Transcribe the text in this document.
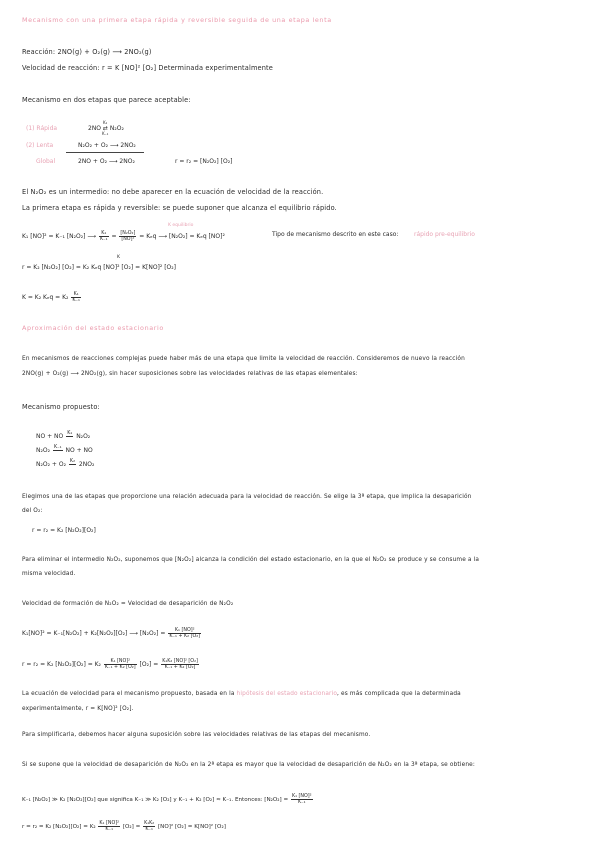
Mecanismo con una primera etapa rápida y reversible seguida de una etapa lenta
Reacción: 2NO(g) + O₂(g) ⟶ 2NO₂(g)
Velocidad de reacción: r = K [NO]² [O₂] Determinada experimentalmente
Mecanismo en dos etapas que parece aceptable:
(1) Rápida	2NO ⇄ N₂O₂
K₁
K₋₁
(2) Lenta	N₂O₂ + O₂ ⟶ 2NO₂
Global	2NO + O₂ ⟶ 2NO₂	r = r₂ = [N₂O₂] [O₂]
El N₂O₂ es un intermedio: no debe aparecer en la ecuación de velocidad de la reacción.
La primera etapa es rápida y reversible: se puede suponer que alcanza el equilibrio rápido.
K equilibrio
K₁ [NO]² = K₋₁ [N₂O₂] ⟶ $\frac{\text{K₁}}{\text{K₋₁}} = \frac{\text{[N₂O₂]}}{\text{[NO]²}} = K_eq$ ⟶ [N₂O₂] = Kₑq [NO]²	Tipo de mecanismo descrito en este caso:	rápido pre-equilibrio
K
r = K₂ [N₂O₂] [O₂] = K₂ Kₑq [NO]² [O₂] = K[NO]² [O₂]
K = K₂ $K_eq = K_2 \frac{\text{K₁}}{\text{K₋₁}}$
Aproximación del estado estacionario
En mecanismos de reacciones complejas puede haber más de una etapa que limite la velocidad de reacción. Consideremos de nuevo la reacción
2NO(g) + O₂(g) ⟶ 2NO₂(g), sin hacer suposiciones sobre las velocidades relativas de las etapas elementales:
Mecanismo propuesto:
NO + NO K₁
N₂O₂
N₂O₂ K₋₁
NO + NO
N₂O₂ + O₂ K₂
2NO₂
Elegimos una de las etapas que proporcione una relación adecuada para la velocidad de reacción. Se elige la 3ª etapa, que implica la desaparición
del O₂:
r = r₂ = K₂ [N₂O₂][O₂]
Para eliminar el intermedio N₂O₂, suponemos que [N₂O₂] alcanza la condición del estado estacionario, en la que el N₂O₂ se produce y se consume a la
misma velocidad.
Velocidad de formación de N₂O₂ = Velocidad de desaparición de N₂O₂
K₁[NO]² = K₋₁[N₂O₂] + K₂[N₂O₂][O₂] ⟶ $[N_2O_2] = \frac{\text{K₁ [NO]²}}{\text{K₋₁ + K₂ [O₂]}}$
r = r₂ = K₂ $[N_2O_2][O_2] = K_2 \frac{\text{K₁ [NO]²}}{\text{K₋₁ + K₂ [O₂]}} [O_2] = \frac{\text{K₁K₂ [NO]² [O₂]}}{\text{K₋₁ + K₂ [O₂]}}$
La ecuación de velocidad para el mecanismo propuesto, basada en la hipótesis del estado estacionario, es más complicada que la determinada
experimentalmente, r = K[NO]² [O₂].
Para simplificarla, debemos hacer alguna suposición sobre las velocidades relativas de las etapas del mecanismo.
Si se supone que la velocidad de desaparición de N₂O₂ en la 2ª etapa es mayor que la velocidad de desaparición de N₂O₂ en la 3ª etapa, se obtiene:
K₋₁ [N₂O₂] ≫ K₂ [N₂O₂][O₂] que significa K₋₁ ≫ K₂ [O₂] y K₋₁ + K₂ [O₂] ≈ K₋₁. Entonces: $[N_2O_2] = \frac{\text{K₁ [NO]²}}{\text{K₋₁}}$
r = r₂ = K₂ $[N_2O_2][O_2] = K_2 \frac{\text{K₁ [NO]²}}{\text{K₋₁}} [O_2] = \frac{\text{K₁K₂}}{\text{K₋₁}} [NO]^2$ [O₂] = K[NO]² [O₂]
